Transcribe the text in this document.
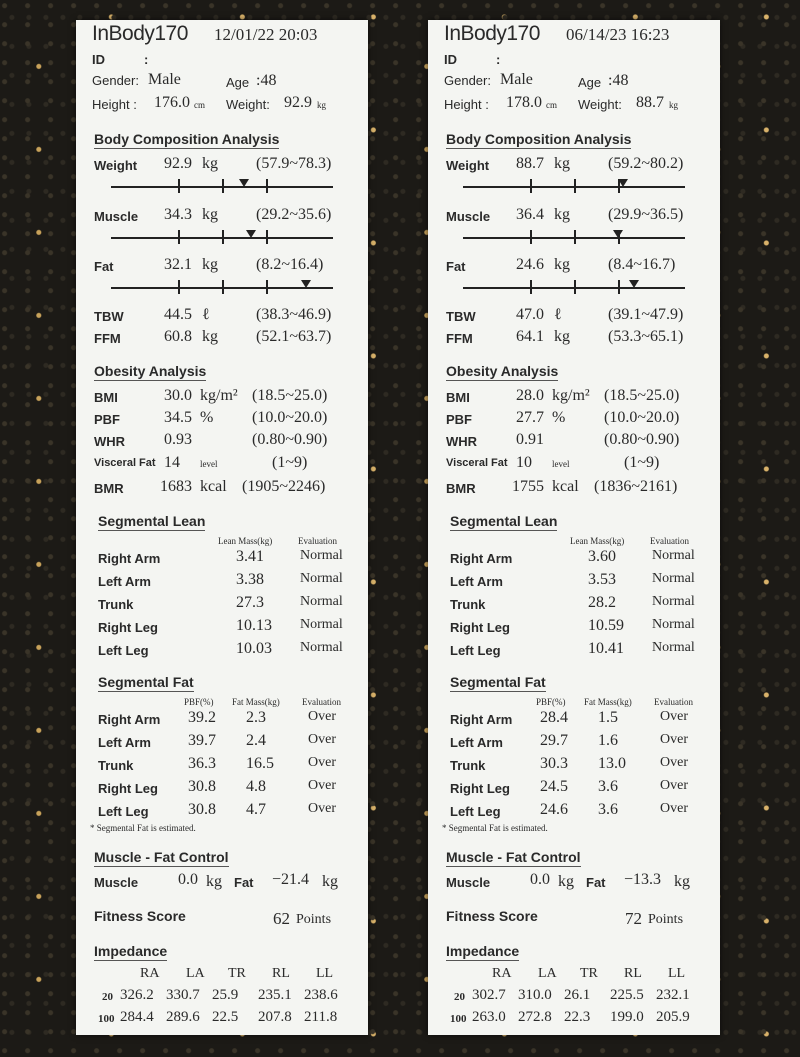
InBody170 12/01/22 20:03
ID	:
Gender: Male	Age :48
Height : 176.0 cm Weight: 92.9 kg
Body Composition Analysis
Weight 92.9 kg (57.9~78.3)
Muscle 34.3 kg (29.2~35.6)
Fat	32.1 kg (8.2~16.4)
TBW	44.5 ℓ	(38.3~46.9)
FFM	60.8 kg (52.1~63.7)
Obesity Analysis
BMI	30.0 kg/m² (18.5~25.0)
PBF	34.5 % (10.0~20.0)
WHR 0.93	(0.80~0.90)
Visceral Fat 14 level	(1~9)
BMR 1683 kcal (1905~2246)
Segmental Lean
Lean Mass(kg)	Evaluation
Right Arm	3.41	Normal
Left Arm	3.38	Normal
Trunk	27.3	Normal
Right Leg	10.13 Normal
Left Leg	10.03 Normal
Segmental Fat
PBF(%) Fat Mass(kg) Evaluation
Right Arm 39.2 2.3	Over
Left Arm 39.7 2.4	Over
Trunk	36.3 16.5 Over
Right Leg 30.8 4.8	Over
Left Leg 30.8 4.7	Over
* Segmental Fat is estimated.
Muscle - Fat Control
Muscle 0.0 kg Fat −21.4 kg
Fitness Score	62 Points
Impedance
RA LA TR RL LL
20 326.2 330.7 25.9 235.1 238.6
100 284.4 289.6 22.5 207.8 211.8
InBody170 06/14/23 16:23
ID	:
Gender: Male	Age :48
Height : 178.0 cm Weight: 88.7 kg
Body Composition Analysis
Weight 88.7 kg (59.2~80.2)
Muscle 36.4 kg (29.9~36.5)
Fat	24.6 kg (8.4~16.7)
TBW	47.0 ℓ	(39.1~47.9)
FFM	64.1 kg (53.3~65.1)
Obesity Analysis
BMI	28.0 kg/m² (18.5~25.0)
PBF	27.7 % (10.0~20.0)
WHR 0.91	(0.80~0.90)
Visceral Fat 10 level	(1~9)
BMR 1755 kcal (1836~2161)
Segmental Lean
Lean Mass(kg)	Evaluation
Right Arm	3.60	Normal
Left Arm	3.53	Normal
Trunk	28.2	Normal
Right Leg	10.59 Normal
Left Leg	10.41 Normal
Segmental Fat
PBF(%) Fat Mass(kg) Evaluation
Right Arm 28.4 1.5	Over
Left Arm 29.7 1.6	Over
Trunk	30.3 13.0 Over
Right Leg 24.5 3.6	Over
Left Leg 24.6 3.6	Over
* Segmental Fat is estimated.
Muscle - Fat Control
Muscle 0.0 kg Fat −13.3 kg
Fitness Score	72 Points
Impedance
RA LA TR RL LL
20 302.7 310.0 26.1 225.5 232.1
100 263.0 272.8 22.3 199.0 205.9
